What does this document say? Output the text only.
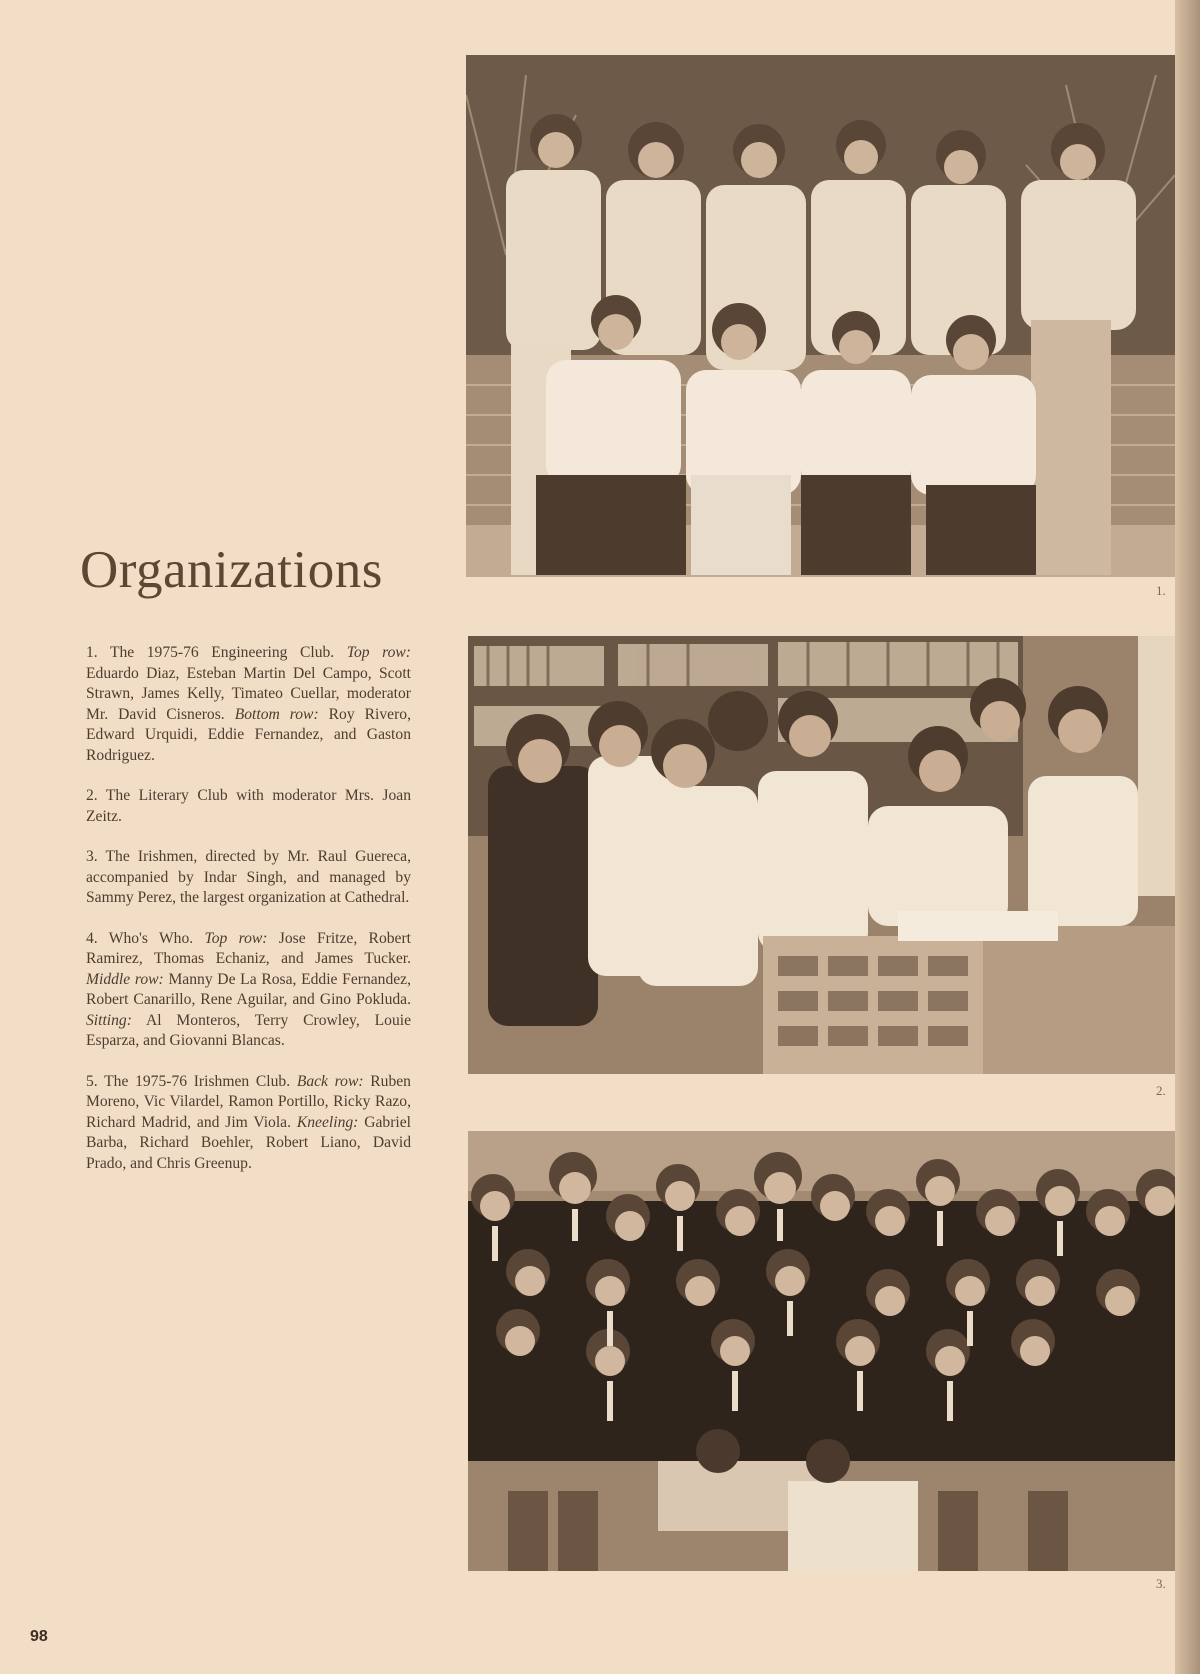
Organizations

1. The 1975-76 Engineering Club. Top row: Eduardo Diaz, Esteban Martin Del Campo, Scott Strawn, James Kelly, Timateo Cuellar, moderator Mr. David Cisneros. Bottom row: Roy Rivero, Edward Urquidi, Eddie Fernandez, and Gaston Rodriguez.

2. The Literary Club with moderator Mrs. Joan Zeitz.

3. The Irishmen, directed by Mr. Raul Guereca, accompanied by Indar Singh, and managed by Sammy Perez, the largest organization at Cathedral.

4. Who's Who. Top row: Jose Fritze, Robert Ramirez, Thomas Echaniz, and James Tucker. Middle row: Manny De La Rosa, Eddie Fernandez, Robert Canarillo, Rene Aguilar, and Gino Pokluda. Sitting: Al Monteros, Terry Crowley, Louie Esparza, and Giovanni Blancas.

5. The 1975-76 Irishmen Club. Back row: Ruben Moreno, Vic Vilardel, Ramon Portillo, Ricky Razo, Richard Madrid, and Jim Viola. Kneeling: Gabriel Barba, Richard Boehler, Robert Liano, David Prado, and Chris Greenup.

1.
2.
3.
98
